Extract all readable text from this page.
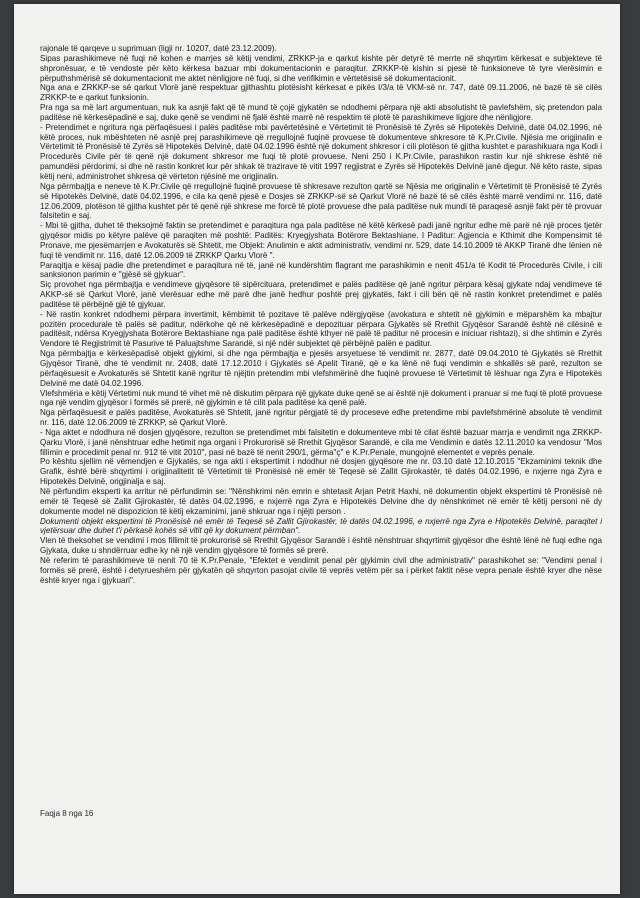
rajonale të qarqeve u suprimuan (ligji nr. 10207, datë 23.12.2009).

Sipas parashikimeve në fuqi në kohen e marrjes së këtij vendimi, ZRKKP-ja e qarkut kishte për detyrë të merrte në shqyrtim kërkesat e subjekteve të shpronësuar, e të vendoste për këto kërkesa bazuar mbi dokumentacionin e paraqitur. ZRKKP-të kishin si pjesë të funksioneve të tyre vlerësimin e përputhshmërisë së dokumentacionit me aktet nënligjore në fuqi, si dhe verifikimin e vërtetësisë së dokumentacionit.

Nga ana e ZRKKP-se së qarkut Vlorë janë respektuar gjithashtu plotësisht kërkesat e pikës I/3/a të VKM-së nr. 747, datë 09.11.2006, në bazë të së cilës ZRKKP-te e qarkut funksionin.

Pra nga sa më lart argumentuan, nuk ka asnjë fakt që të mund të çojë gjykatën se ndodhemi përpara një akti absolutisht të pavlefshëm, siç pretendon pala paditëse në kërkesëpadinë e saj, duke qenë se vendimi në fjalë është marrë në respektim të plotë të parashikimeve ligjore dhe nënligjore.

- Pretendimet e ngritura nga përfaqësuesi i palës paditëse mbi pavërtetësinë e Vërtetimit të Pronësisë të Zyrës së Hipotekës Delvinë, datë 04.02.1996, në këtë proces, nuk mbështeten në asnjë prej parashikimeve që rregullojnë fuqinë provuese të dokumenteve shkresore të K.Pr.Civile. Njësia me origjinalin e Vërtetimit të Pronësisë të Zyrës së Hipotekës Delvinë, datë 04.02.1996 është një dokument shkresor i cili plotëson të gjitha kushtet e parashikuara nga Kodi i Procedurës Civile për të qenë një dokument shkresor me fuqi të plotë provuese. Neni 250 i K.Pr.Civile, parashikon rastin kur një shkrese është në pamundësi përdorimi, si dhe në rastin konkret kur për shkak të trazirave të vitit 1997 regjistrat e Zyrës së Hipotekës Delvinë janë djegur. Në këto raste, sipas këtij neni, administrohet shkresa që vërteton njësinë me origjinalin.

Nga përmbajtja e neneve të K.Pr.Civile që rregullojnë fuqinë provuese të shkresave rezulton qartë se Njësia me origjinalin e Vërtetimit të Pronësisë të Zyrës së Hipotekës Delvinë, datë 04.02.1996, e cila ka qenë pjesë e Dosjes së ZRKKP-së së Qarkut Vlorë në bazë të së cilës është marrë vendimi nr. 116, datë 12.06.2009, plotëson të gjitha kushtet për të qenë një shkrese me forcë të plotë provuese dhe pala paditëse nuk mundi të paraqesë asnjë fakt për të provuar falsitetin e saj.

- Mbi të gjitha, duhet të theksojmë faktin se pretendimet e paraqitura nga pala paditëse në këtë kërkesë padi janë ngritur edhe më parë në një proces tjetër gjyqësor midis po këtyre palëve që paraqiten më poshtë: Paditës: Kryegjyshata Botërore Bektashiane. I Paditur: Agjencia e Kthimit dhe Kompensimit të Pronave, me pjesëmarrjen e Avokaturës së Shtetit, me Objekt: Anulimin e aktit administrativ, vendimi nr. 529, date 14.10.2009 të AKKP Tiranë dhe lënien në fuqi të vendimit nr. 116, datë 12.06.2009 të ZRKKP Qarku Vlorë ".

Paraqitja e kësaj padie dhe pretendimet e paraqitura në të, janë në kundërshtim flagrant me parashikimin e nenit 451/a të Kodit të Procedurës Civile, i cili sanksionon parimin e "gjësë së gjykuar".

Siç provohet nga përmbajtja e vendimeve gjyqësore të sipërcituara, pretendimet e palës paditëse që janë ngritur përpara kësaj gjykate ndaj vendimeve të AKKP-së së Qarkut Vlorë, janë vlerësuar edhe më parë dhe janë hedhur poshtë prej gjykatës, fakt i cili bën që në rastin konkret pretendimet e palës paditëse të përbëjnë gjë të gjykuar.

- Në rastin konkret ndodhemi përpara invertimit, këmbimit të pozitave të palëve ndërgjyqëse (avokatura e shtetit në gjykimin e mëparshëm ka mbajtur pozitën procedurale të palës së paditur, ndërkohe që në kërkesëpadinë e depozituar përpara Gjykatës së Rrethit Gjyqësor Sarandë është në cilësinë e paditësit, ndërsa Kryegjyshata Botërore Bektashiane nga palë paditëse është kthyer në palë të paditur në procesin e iniciuar rishtazi), si dhe shtimin e Zyrës Vendore të Regjistrimit të Pasurive të Paluajtshme Sarandë, si një ndër subjektet që përbëjnë palën e paditur.

Nga përmbajtja e kërkesëpadisë objekt gjykimi, si dhe nga përmbajtja e pjesës arsyetuese të vendimit nr. 2877, datë 09.04.2010 të Gjykatës së Rrethit Gjyqësor Tiranë, dhe të vendimit nr. 2408, datë 17.12.2010 i Gjykatës së Apelit Tiranë, që e ka lënë në fuqi vendimin e shkallës së parë, rezulton se përfaqësuesit e Avokaturës së Shtetit kanë ngritur të njëjtin pretendim mbi vlefshmërinë dhe fuqinë provuese të Vërtetimit të lëshuar nga Zyra e Hipotekës Delvinë me datë 04.02.1996.

Vlefshmëria e këtij Vërtetimi nuk mund të vihet më në diskutim përpara një gjykate duke qenë se ai është një dokument i pranuar si me fuqi të plotë provuese nga një vendim gjyqësor i formës së prerë, në gjykimin e të cilit pala paditëse ka qenë palë.

Nga përfaqësuesit e palës paditëse, Avokaturës së Shtetit, janë ngritur përgjatë të dy proceseve edhe pretendime mbi pavlefshmërinë absolute të vendimit nr. 116, datë 12.06.2009 të ZRKKP, së Qarkut Vlorë.

- Nga aktet e ndodhura në dosjen gjyqësore, rezulton se pretendimet mbi falsitetin e dokumenteve mbi të cilat është bazuar marrja e vendimit nga ZRKKP-Qarku Vlorë, i janë nënshtruar edhe hetimit nga organi i Prokurorisë së Rrethit Gjyqësor Sarandë, e cila me Vendimin e datës 12.11.2010 ka vendosur "Mos fillimin e procedimit penal nr. 912 të vitit 2010", pasi në bazë të nenit 290/1, gërma"ç" e K.Pr.Penale, mungojnë elementet e veprës penale.

Po kështu sjellim në vëmendjen e Gjykatës, se nga akti i ekspertimit i ndodhur në dosjen gjyqësore me nr. 03.10 datë 12.10.2015 "Ekzaminimi teknik dhe Grafik, është bërë shqyrtimi i origjinalitetit të Vërtetimit të Pronësisë në emër të Teqesë së Zallit Gjirokastër, të datës 04.02.1996, e nxjerre nga Zyra e Hipotekës Delvinë, origjinalja e saj.

Në përfundim eksperti ka arritur në përfundimin se: "Nënshkrimi nën emrin e shtetasit Arjan Petrit Haxhi, në dokumentin objekt ekspertimi të Pronësisë në emër të Teqesë së Zallit Gjirokastër, të datës 04.02.1996, e nxjerrë nga Zyra e Hipotekës Delvine dhe dy nënshkrimet në emër të këtij personi në dy dokumente model në dispozicion të këtij ekzaminimi, janë shkruar nga i njëjti person .

Dokumenti objekt ekspertimi të Pronësisë në emër të Teqesë së Zallit Gjirokastër, të datës 04.02.1996, e nxjerrë nga Zyra e Hipotekës Delvinë, paraqitet i vjetërsuar dhe duhet t'i përkasë kohës së vitit që ky dokument përmban".

Vlen të theksohet se vendimi i mos fillimit të prokurorisë së Rrethit Gjyqësor Sarandë i është nënshtruar shqyrtimit gjyqësor dhe është lënë në fuqi edhe nga Gjykata, duke u shndërruar edhe ky në një vendim gjyqësore të formës së prerë.

Në referim të parashikimeve të nenit 70 të K.Pr.Penale, "Efektet e vendimit penal për gjykimin civil dhe administrativ" parashikohet se: "Vendimi penal i formës së prerë, është i detyrueshëm për gjykatën që shqyrton pasojat civile të veprës vetëm për sa i përket faktit nëse vepra penale është kryer dhe nëse është kryer nga i gjykuari".

Faqja 8 nga 16
